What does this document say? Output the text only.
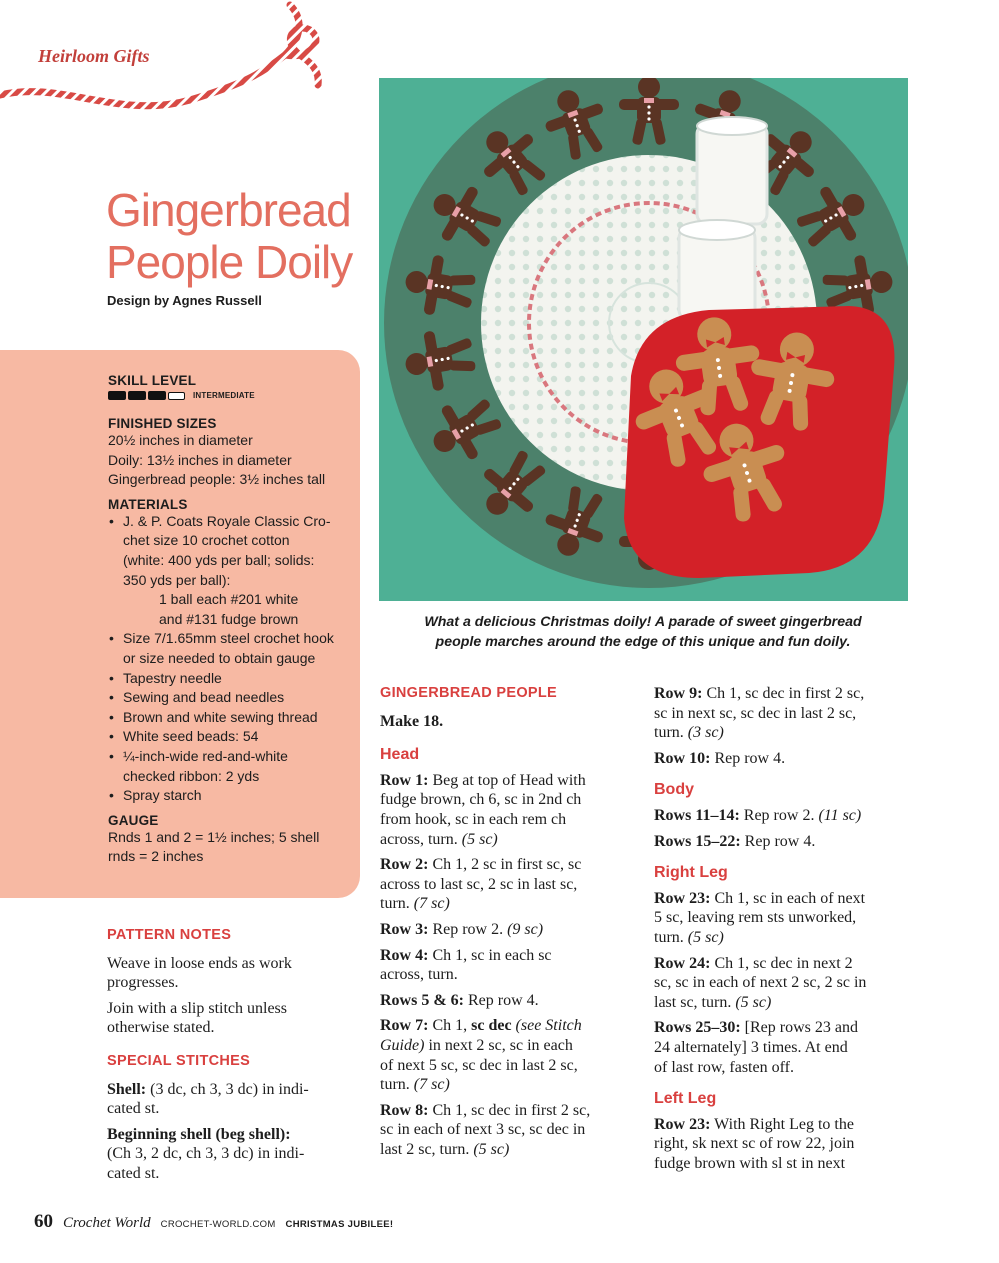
Heirloom Gifts
Gingerbread
People Doily
Design by Agnes Russell
SKILL LEVEL
INTERMEDIATE
FINISHED SIZES
20½ inches in diameter
Doily: 13½ inches in diameter
Gingerbread people: 3½ inches tall
MATERIALS
• J. & P. Coats Royale Classic Cro-
chet size 10 crochet cotton
(white: 400 yds per ball; solids:
350 yds per ball):
1 ball each #201 white
and #131 fudge brown
• Size 7/1.65mm steel crochet hook
or size needed to obtain gauge
• Tapestry needle
• Sewing and bead needles
• Brown and white sewing thread
• White seed beads: 54
• ¼-inch-wide red-and-white
checked ribbon: 2 yds
• Spray starch
GAUGE
Rnds 1 and 2 = 1½ inches; 5 shell
rnds = 2 inches
What a delicious Christmas doily! A parade of sweet gingerbread
people marches around the edge of this unique and fun doily.
PATTERN NOTES
Weave in loose ends as work
progresses.
Join with a slip stitch unless
otherwise stated.
SPECIAL STITCHES
Shell: (3 dc, ch 3, 3 dc) in indi-
cated st.
Beginning shell (beg shell):
(Ch 3, 2 dc, ch 3, 3 dc) in indi-
cated st.
GINGERBREAD PEOPLE
Make 18.
Head
Row 1: Beg at top of Head with
fudge brown, ch 6, sc in 2nd ch
from hook, sc in each rem ch
across, turn. (5 sc)
Row 2: Ch 1, 2 sc in first sc, sc
across to last sc, 2 sc in last sc,
turn. (7 sc)
Row 3: Rep row 2. (9 sc)
Row 4: Ch 1, sc in each sc
across, turn.
Rows 5 & 6: Rep row 4.
Row 7: Ch 1, sc dec (see Stitch
Guide) in next 2 sc, sc in each
of next 5 sc, sc dec in last 2 sc,
turn. (7 sc)
Row 8: Ch 1, sc dec in first 2 sc,
sc in each of next 3 sc, sc dec in
last 2 sc, turn. (5 sc)
Row 9: Ch 1, sc dec in first 2 sc,
sc in next sc, sc dec in last 2 sc,
turn. (3 sc)
Row 10: Rep row 4.
Body
Rows 11–14: Rep row 2. (11 sc)
Rows 15–22: Rep row 4.
Right Leg
Row 23: Ch 1, sc in each of next
5 sc, leaving rem sts unworked,
turn. (5 sc)
Row 24: Ch 1, sc dec in next 2
sc, sc in each of next 2 sc, 2 sc in
last sc, turn. (5 sc)
Rows 25–30: [Rep rows 23 and
24 alternately] 3 times. At end
of last row, fasten off.
Left Leg
Row 23: With Right Leg to the
right, sk next sc of row 22, join
fudge brown with sl st in next
60 Crochet World CROCHET-WORLD.COM CHRISTMAS JUBILEE!
